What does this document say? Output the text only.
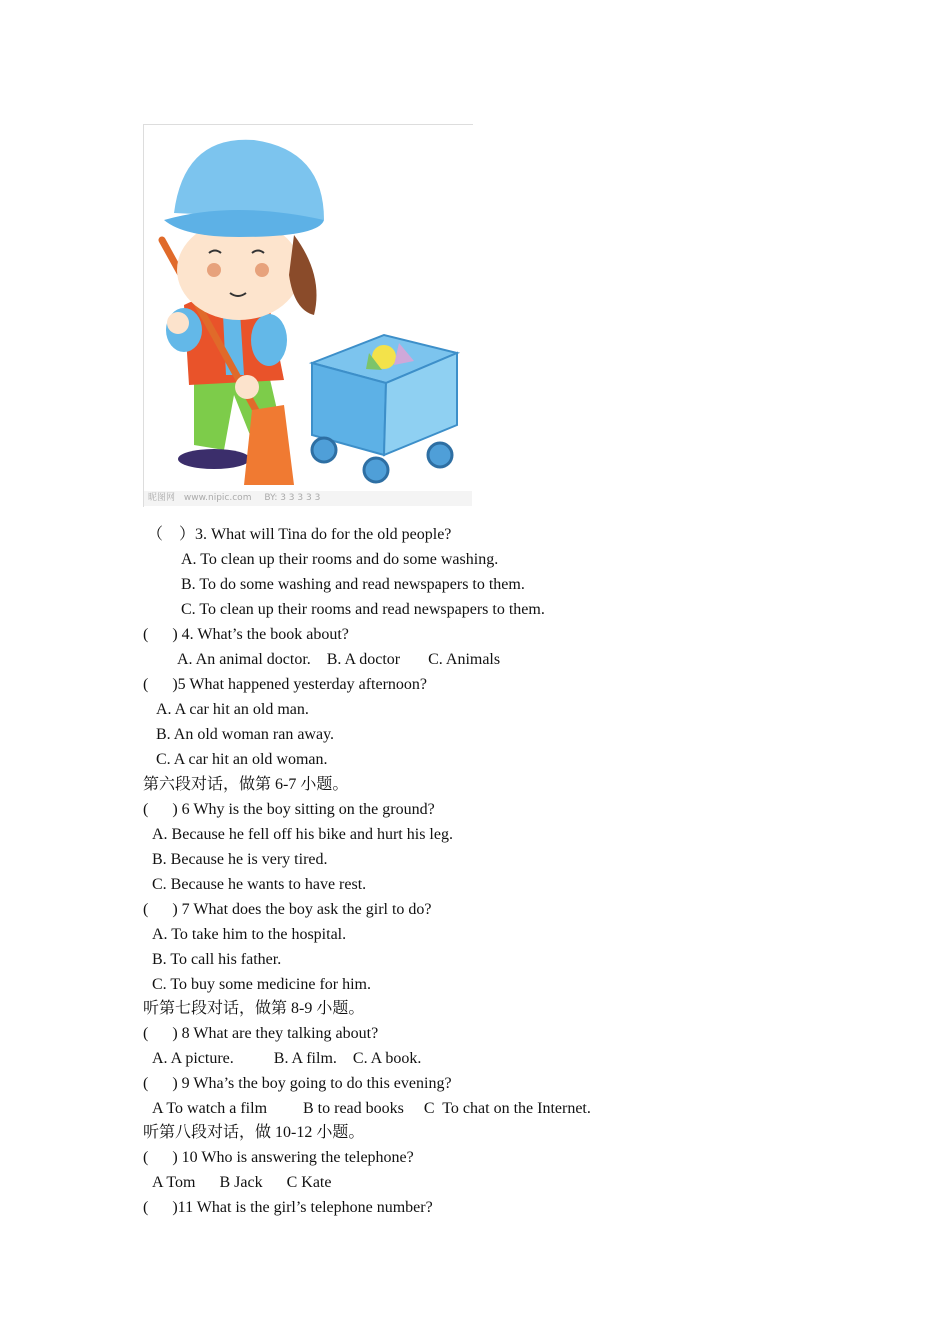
昵图网 www.nipic.com BY: 3 3 3 3 3
（　）3. What will Tina do for the old people?
A. To clean up their rooms and do some washing.
B. To do some washing and read newspapers to them.
C. To clean up their rooms and read newspapers to them.
(      ) 4. What’s the book about?
A. An animal doctor.    B. A doctor       C. Animals
(      )5 What happened yesterday afternoon?
A. A car hit an old man.
B. An old woman ran away.
C. A car hit an old woman.
第六段对话，做第 6-7 小题。
(      ) 6 Why is the boy sitting on the ground?
A. Because he fell off his bike and hurt his leg.
B. Because he is very tired.
C. Because he wants to have rest.
(      ) 7 What does the boy ask the girl to do?
A. To take him to the hospital.
B. To call his father.
C. To buy some medicine for him.
听第七段对话，做第 8-9 小题。
(      ) 8 What are they talking about?
A. A picture.          B. A film.    C. A book.
(      ) 9 Wha’s the boy going to do this evening?
A To watch a film         B to read books     C  To chat on the Internet.
听第八段对话，做 10-12 小题。
(      ) 10 Who is answering the telephone?
A Tom      B Jack      C Kate
(      )11 What is the girl’s telephone number?
